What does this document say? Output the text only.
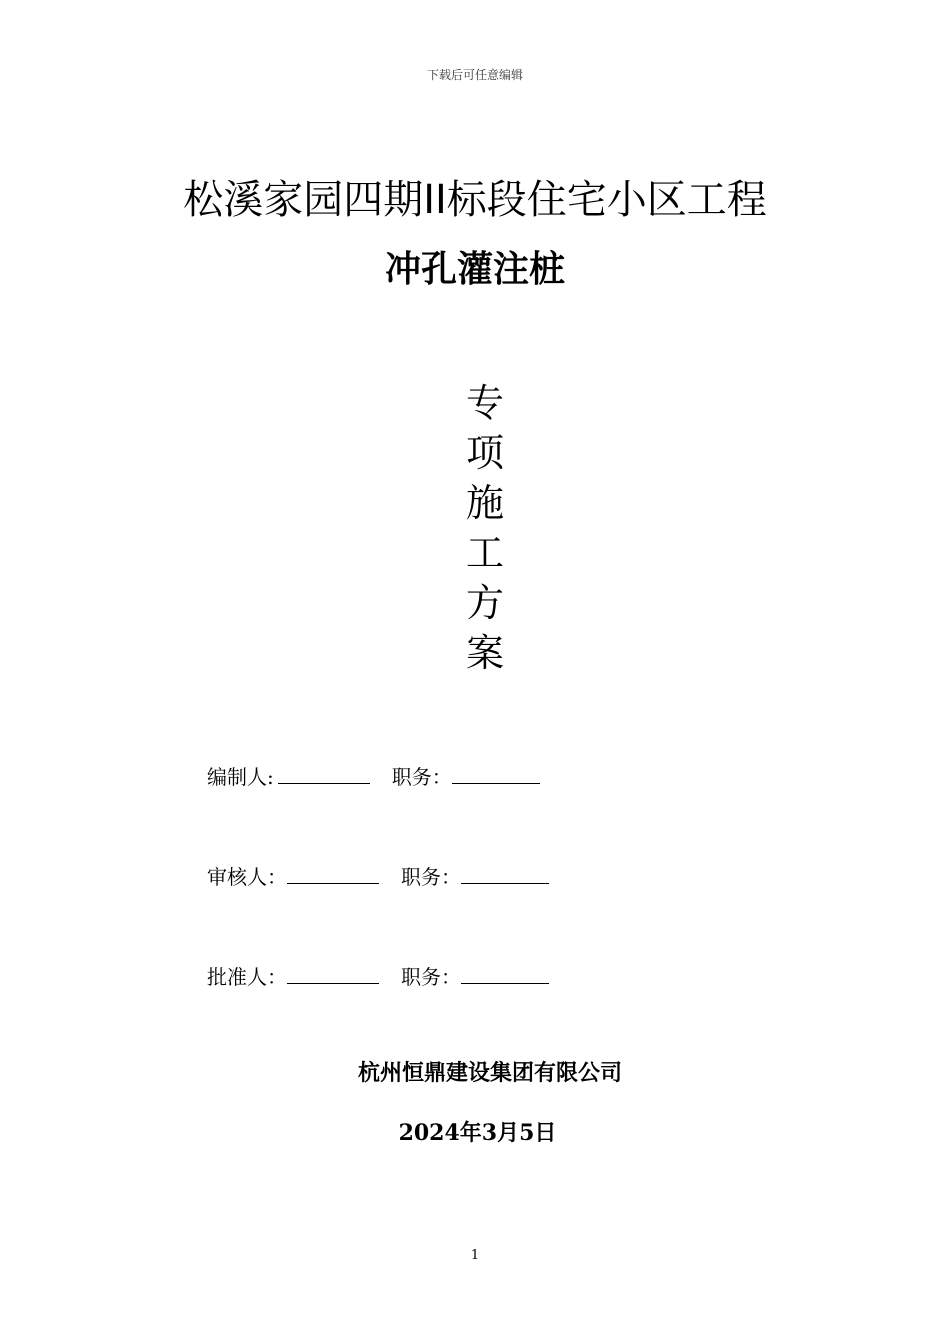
下载后可任意编辑
松溪家园四期II标段住宅小区工程
冲孔灌注桩
专
项
施
工
方
案
编制人:	职务：
审核人：	职务：
批准人：	职务：
杭州恒鼎建设集团有限公司
2024年3月5日
1
